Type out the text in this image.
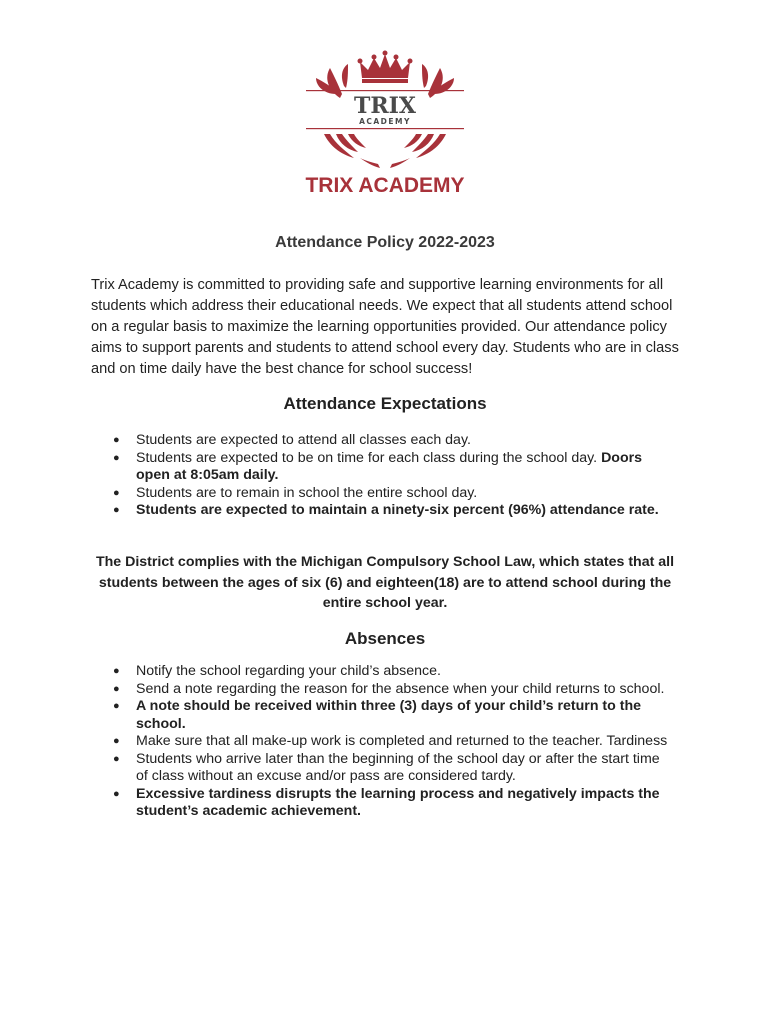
TRIX
ACADEMY
TRIX ACADEMY
Attendance Policy 2022-2023
Trix Academy is committed to providing safe and supportive learning environments for all students which address their educational needs. We expect that all students attend school on a regular basis to maximize the learning opportunities provided. Our attendance policy aims to support parents and students to attend school every day. Students who are in class and on time daily have the best chance for school success!
Attendance Expectations
● Students are expected to attend all classes each day.
● Students are expected to be on time for each class during the school day. Doors open at 8:05am daily.
● Students are to remain in school the entire school day.
● Students are expected to maintain a ninety-six percent (96%) attendance rate.
The District complies with the Michigan Compulsory School Law, which states that all students between the ages of six (6) and eighteen(18) are to attend school during the entire school year.
Absences
● Notify the school regarding your child’s absence.
● Send a note regarding the reason for the absence when your child returns to school.
● A note should be received within three (3) days of your child’s return to the school.
● Make sure that all make-up work is completed and returned to the teacher. Tardiness
● Students who arrive later than the beginning of the school day or after the start time of class without an excuse and/or pass are considered tardy.
● Excessive tardiness disrupts the learning process and negatively impacts the student’s academic achievement.
